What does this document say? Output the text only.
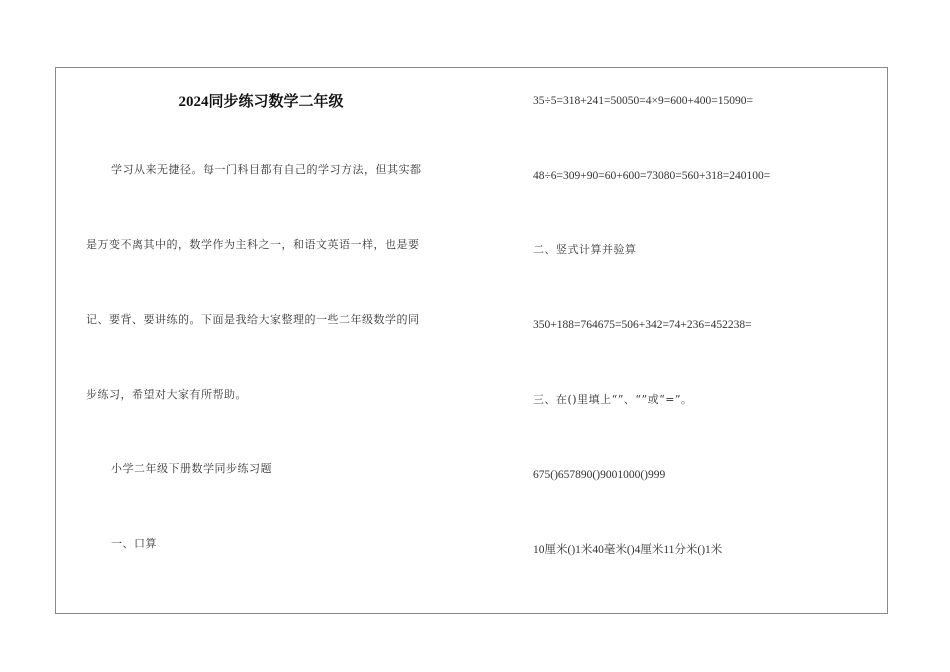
2024同步练习数学二年级
学习从来无捷径。每一门科目都有自己的学习方法，但其实都
是万变不离其中的，数学作为主科之一，和语文英语一样，也是要
记、要背、要讲练的。下面是我给大家整理的一些二年级数学的同
步练习，希望对大家有所帮助。
小学二年级下册数学同步练习题
一、口算
35÷5=318+241=50050=4×9=600+400=15090=
48÷6=309+90=60+600=73080=560+318=240100=
二、竖式计算并验算
350+188=764675=506+342=74+236=452238=
三、在()里填上“”、“”或“=”。
675()657890()9001000()999
10厘米()1米40毫米()4厘米11分米()1米
